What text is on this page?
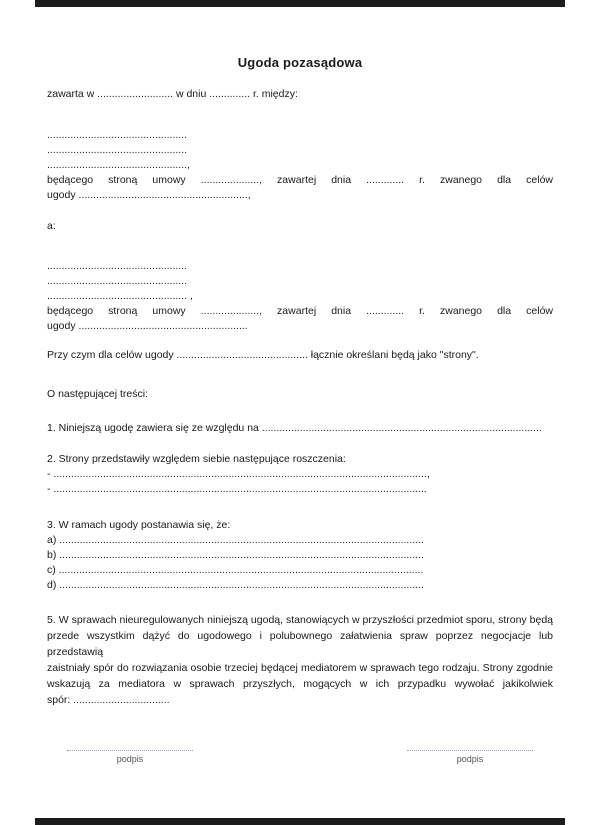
Ugoda pozasądowa
zawarta w .......................... w dniu .............. r. między:
................................................
................................................
................................................,
będącego stroną umowy ...................., zawartej dnia ............. r. zwanego dla celów
ugody ..........................................................,
a:
................................................
................................................
................................................ ,
będącego stroną umowy ...................., zawartej dnia ............. r. zwanego dla celów
ugody ..........................................................
Przy czym dla celów ugody ............................................. łącznie określani będą jako "strony".
O następującej treści:
1. Niniejszą ugodę zawiera się ze względu na ................................................................................................
2. Strony przedstawiły względem siebie następujące roszczenia:
- ................................................................................................................................,
- ................................................................................................................................
3. W ramach ugody postanawia się, że:
a) .............................................................................................................................
b) .............................................................................................................................
c) .............................................................................................................................
d) .............................................................................................................................
5. W sprawach nieuregulowanych niniejszą ugodą, stanowiących w przyszłości przedmiot sporu, strony będą
przede wszystkim dążyć do ugodowego i polubownego załatwienia spraw poprzez negocjacje lub przedstawią
zaistniały spór do rozwiązania osobie trzeciej będącej mediatorem w sprawach tego rodzaju. Strony zgodnie
wskazują za mediatora w sprawach przyszłych, mogących w ich przypadku wywołać jakikolwiek
spór: .................................
podpis	podpis
